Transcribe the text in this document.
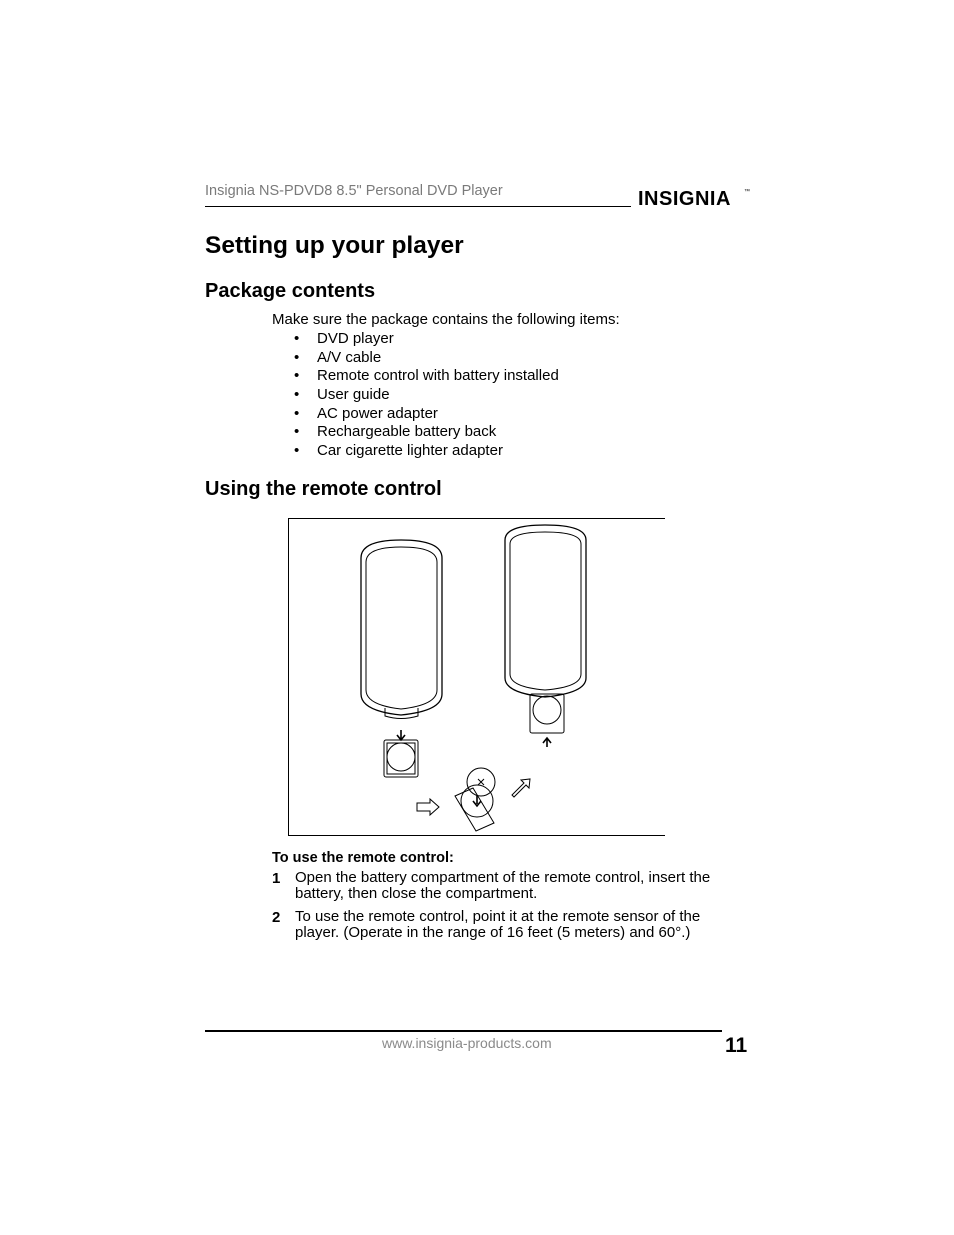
Insignia NS-PDVD8 8.5" Personal DVD Player	INSIGNIA ™
Setting up your player
Package contents
Make sure the package contains the following items:
• DVD player
• A/V cable
• Remote control with battery installed
• User guide
• AC power adapter
• Rechargeable battery back
• Car cigarette lighter adapter
Using the remote control
To use the remote control:
1 Open the battery compartment of the remote control, insert the battery, then close the compartment.
2 To use the remote control, point it at the remote sensor of the player. (Operate in the range of 16 feet (5 meters) and 60°.)
www.insignia-products.com	11
